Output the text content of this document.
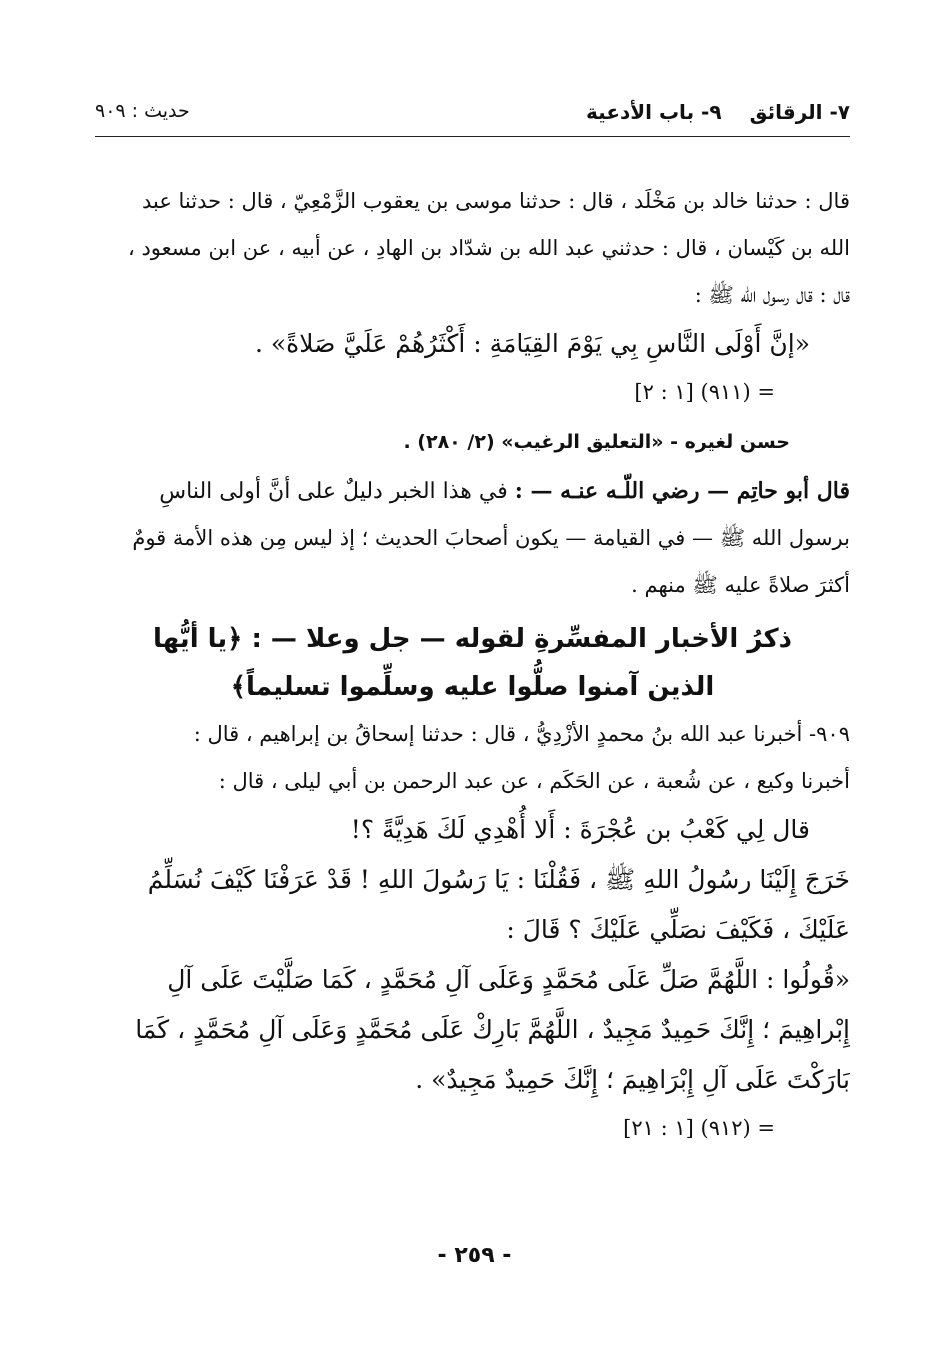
٧- الرقائق٩- باب الأدعية
حديث : ٩٠٩
قال : حدثنا خالد بن مَخْلَد ، قال : حدثنا موسى بن يعقوب الزَّمْعِيّ ، قال : حدثنا عبد
الله بن كَيْسان ، قال : حدثني عبد الله بن شدّاد بن الهادِ ، عن أبيه ، عن ابن مسعود ،
قال : قال رسول الله ﷺ :
«إنَّ أَوْلَى النَّاسِ بِي يَوْمَ القِيَامَةِ : أَكْثَرُهُمْ عَلَيَّ صَلاةً» .
= (٩١١) [١ : ٢]
حسن لغيره - «التعليق الرغيب» (٢/ ٢٨٠) .
قال أبو حاتِم — رضي اللّـه عنـه — : في هذا الخبر دليلٌ على أنَّ أولى الناسِ
برسول الله ﷺ — في القيامة — يكون أصحابَ الحديث ؛ إذ ليس مِن هذه الأمة قومٌ
أكثرَ صلاةً عليه ﷺ منهم .
ذكرُ الأخبار المفسِّرةِ لقوله — جل وعلا — : ﴿يا أيُّها
الذين آمنوا صلُّوا عليه وسلِّموا تسليماً﴾
٩٠٩- أخبرنا عبد الله بنُ محمدٍ الأزْدِيُّ ، قال : حدثنا إسحاقُ بن إبراهيم ، قال :
أخبرنا وكيع ، عن شُعبة ، عن الحَكَم ، عن عبد الرحمن بن أبي ليلى ، قال :
قال لِي كَعْبُ بن عُجْرَةَ : أَلا أُهْدِي لَكَ هَدِيَّةً ؟!
خَرَجَ إِلَيْنَا رسُولُ اللهِ ﷺ ، فَقُلْنَا : يَا رَسُولَ اللهِ ! قَدْ عَرَفْنَا كَيْفَ نُسَلِّمُ
عَلَيْكَ ، فَكَيْفَ نصَلِّي عَلَيْكَ ؟ قَالَ :
«قُولُوا : اللَّهُمَّ صَلِّ عَلَى مُحَمَّدٍ وَعَلَى آلِ مُحَمَّدٍ ، كَمَا صَلَّيْتَ عَلَى آلِ
إِبْراهِيمَ ؛ إِنَّكَ حَمِيدٌ مَجِيدٌ ، اللَّهُمَّ بَارِكْ عَلَى مُحَمَّدٍ وَعَلَى آلِ مُحَمَّدٍ ، كَمَا
بَارَكْتَ عَلَى آلِ إِبْرَاهِيمَ ؛ إِنَّكَ حَمِيدٌ مَجِيدٌ» .
= (٩١٢) [١ : ٢١]
- ٢٥٩ -
